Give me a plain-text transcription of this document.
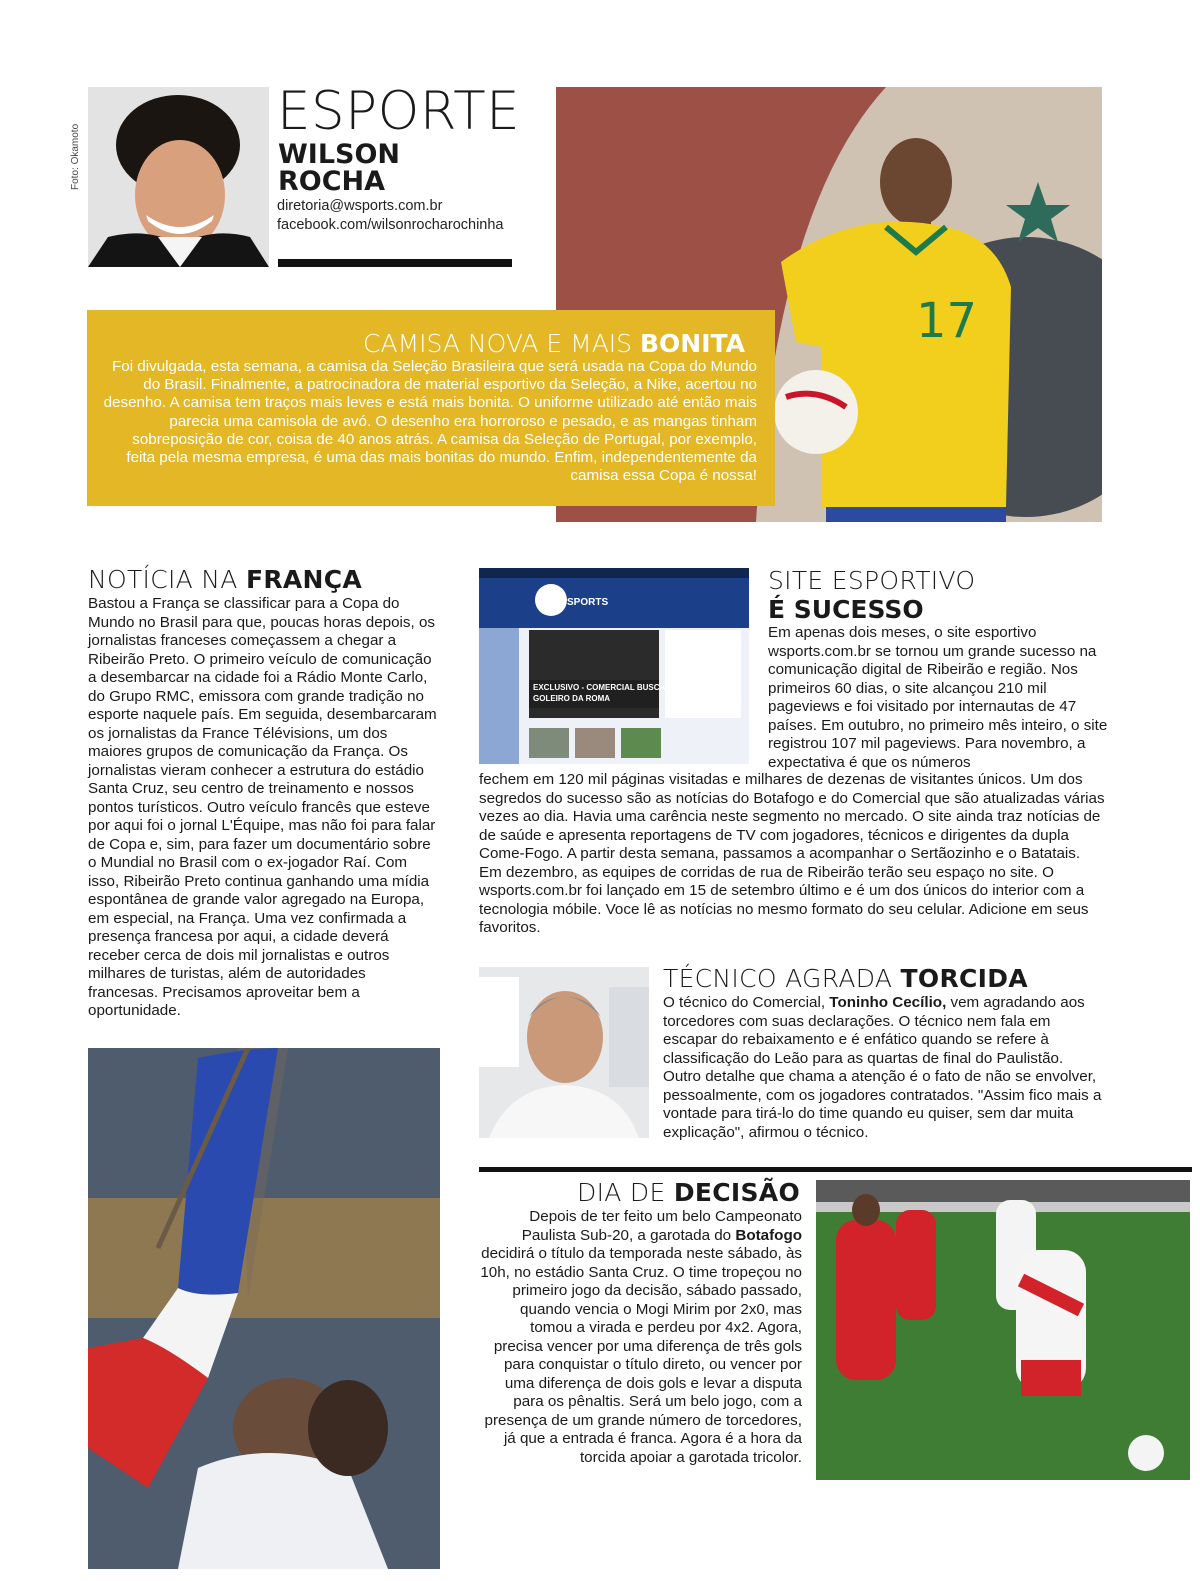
Foto: Okamoto
ESPORTE
WILSON
ROCHA
diretoria@wsports.com.br
facebook.com/wilsonrocharochinha
17
CAMISA NOVA E MAIS BONITA
Foi divulgada, esta semana, a camisa da Seleção Brasileira que será usada na Copa do Mundo do Brasil. Finalmente, a patrocinadora de material esportivo da Seleção, a Nike, acertou no desenho. A camisa tem traços mais leves e está mais bonita. O uniforme utilizado até então mais parecia uma camisola de avó. O desenho era horroroso e pesado, e as mangas tinham sobreposição de cor, coisa de 40 anos atrás. A camisa da Seleção de Portugal, por exemplo, feita pela mesma empresa, é uma das mais bonitas do mundo. Enfim, independentemente da camisa essa Copa é nossa!
NOTÍCIA NA FRANÇA
Bastou a França se classificar para a Copa do Mundo no Brasil para que, poucas horas depois, os jornalistas franceses começassem a chegar a Ribeirão Preto. O primeiro veículo de comunicação a desembarcar na cidade foi a Rádio Monte Carlo, do Grupo RMC, emissora com grande tradição no esporte naquele país. Em seguida, desembarcaram os jornalistas da France Télévisions, um dos maiores grupos de comunicação da França. Os jornalistas vieram conhecer a estrutura do estádio Santa Cruz, seu centro de treinamento e nossos pontos turísticos. Outro veículo francês que esteve por aqui foi o jornal L'Équipe, mas não foi para falar de Copa e, sim, para fazer um documentário sobre o Mundial no Brasil com o ex-jogador Raí. Com isso, Ribeirão Preto continua ganhando uma mídia espontânea de grande valor agregado na Europa, em especial, na França. Uma vez confirmada a presença francesa por aqui, a cidade deverá receber cerca de dois mil jornalistas e outros milhares de turistas, além de autoridades francesas. Precisamos aproveitar bem a oportunidade.
SPORTS
EXCLUSIVO - COMERCIAL BUSCA
GOLEIRO DA ROMA
SITE ESPORTIVO
É SUCESSO
Em apenas dois meses, o site esportivo wsports.com.br se tornou um grande sucesso na comunicação digital de Ribeirão e região. Nos primeiros 60 dias, o site alcançou 210 mil pageviews e foi visitado por internautas de 47 países. Em outubro, no primeiro mês inteiro, o site registrou 107 mil pageviews. Para novembro, a expectativa é que os números
fechem em 120 mil páginas visitadas e milhares de dezenas de visitantes únicos. Um dos segredos do sucesso são as notícias do Botafogo e do Comercial que são atualizadas várias vezes ao dia. Havia uma carência neste segmento no mercado. O site ainda traz notícias de de saúde e apresenta reportagens de TV com jogadores, técnicos e dirigentes da dupla Come-Fogo. A partir desta semana, passamos a acompanhar o Sertãozinho e o Batatais. Em dezembro, as equipes de corridas de rua de Ribeirão terão seu espaço no site. O wsports.com.br foi lançado em 15 de setembro último e é um dos únicos do interior com a tecnologia móbile. Voce lê as notícias no mesmo formato do seu celular. Adicione em seus favoritos.
TÉCNICO AGRADA TORCIDA
O técnico do Comercial, Toninho Cecílio, vem agradando aos torcedores com suas declarações. O técnico nem fala em escapar do rebaixamento e é enfático quando se refere à classificação do Leão para as quartas de final do Paulistão. Outro detalhe que chama a atenção é o fato de não se envolver, pessoalmente, com os jogadores contratados. "Assim fico mais a vontade para tirá-lo do time quando eu quiser, sem dar muita explicação", afirmou o técnico.
DIA DE DECISÃO
Depois de ter feito um belo Campeonato Paulista Sub-20, a garotada do Botafogo decidirá o título da temporada neste sábado, às 10h, no estádio Santa Cruz. O time tropeçou no primeiro jogo da decisão, sábado passado, quando vencia o Mogi Mirim por 2x0, mas tomou a virada e perdeu por 4x2. Agora, precisa vencer por uma diferença de três gols para conquistar o título direto, ou vencer por uma diferença de dois gols e levar a disputa para os pênaltis. Será um belo jogo, com a presença de um grande número de torcedores, já que a entrada é franca. Agora é a hora da torcida apoiar a garotada tricolor.
